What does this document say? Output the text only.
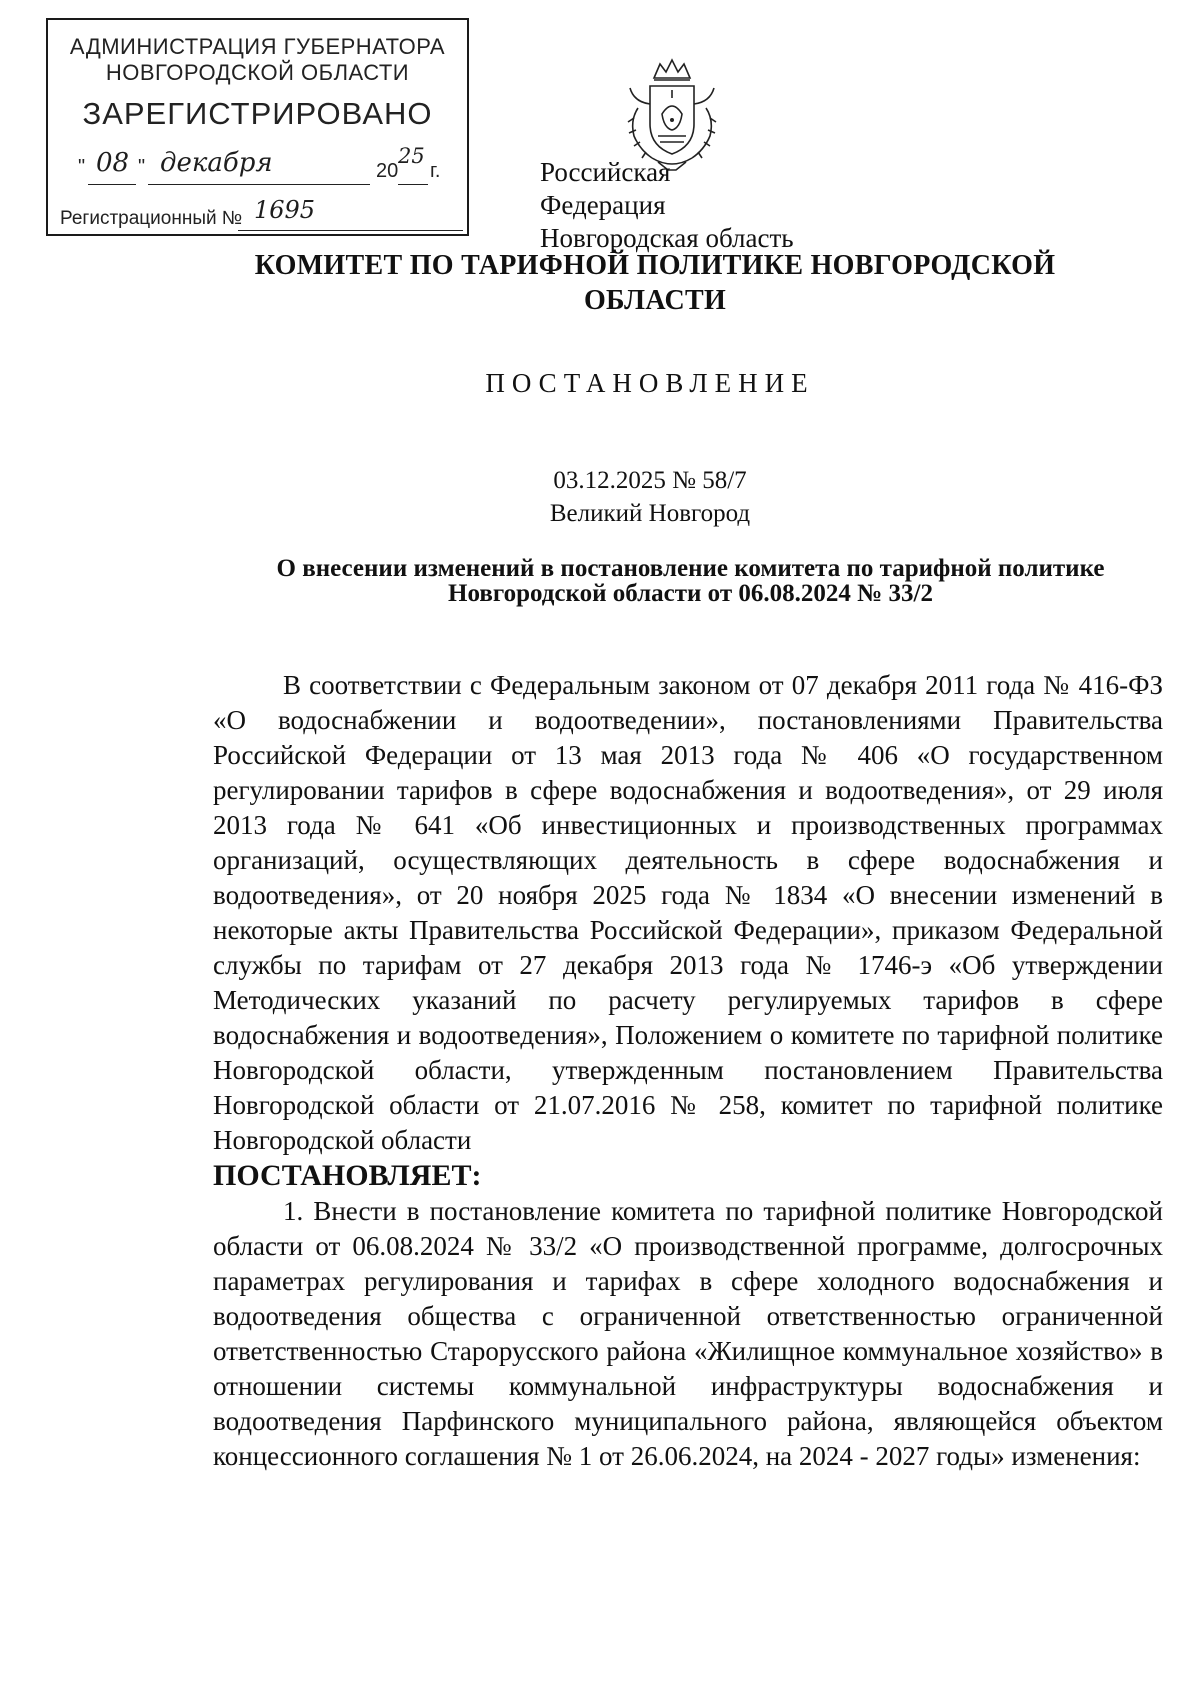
АДМИНИСТРАЦИЯ ГУБЕРНАТОРА
НОВГОРОДСКОЙ ОБЛАСТИ
ЗАРЕГИСТРИРОВАНО
" 08 " декабря	20
25
г.
Регистрационный № 1695
Российская Федерация
Новгородская область
КОМИТЕТ ПО ТАРИФНОЙ ПОЛИТИКЕ НОВГОРОДСКОЙ
ОБЛАСТИ
ПОСТАНОВЛЕНИЕ
03.12.2025 № 58/7
Великий Новгород
О внесении изменений в постановление комитета по тарифной политике
Новгородской области от 06.08.2024 № 33/2

В соответствии с Федеральным законом от 07 декабря 2011 года № 416-ФЗ «О водоснабжении и водоотведении», постановлениями Правительства Российской Федерации от 13 мая 2013 года № 406 «О государственном регулировании тарифов в сфере водоснабжения и водоотведения», от 29 июля 2013 года № 641 «Об инвестиционных и производственных программах организаций, осуществляющих деятельность в сфере водоснабжения и водоотведения», от 20 ноября 2025 года № 1834 «О внесении изменений в некоторые акты Правительства Российской Федерации», приказом Федеральной службы по тарифам от 27 декабря 2013 года № 1746-э «Об утверждении Методических указаний по расчету регулируемых тарифов в сфере водоснабжения и водоотведения», Положением о комитете по тарифной политике Новгородской области, утвержденным постановлением Правительства Новгородской области от 21.07.2016 № 258, комитет по тарифной политике Новгородской области

ПОСТАНОВЛЯЕТ:

1. Внести в постановление комитета по тарифной политике Новгородской области от 06.08.2024 № 33/2 «О производственной программе, долгосрочных параметрах регулирования и тарифах в сфере холодного водоснабжения и водоотведения общества с ограниченной ответственностью ограниченной ответственностью Старорусского района «Жилищное коммунальное хозяйство» в отношении системы коммунальной инфраструктуры водоснабжения и водоотведения Парфинского муниципального района, являющейся объектом концессионного соглашения № 1 от 26.06.2024, на 2024 - 2027 годы» изменения:
